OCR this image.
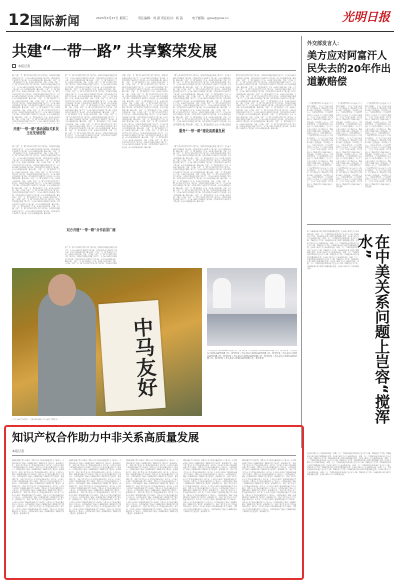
12 国际新闻	2023年4月27日 星期三	责任编辑：刘 颖 责任校对：杨 茜	电子邮箱：gjxw@gmw.cn	光明日报
共建“一带一路” 共享繁荣发展
本报记者
共建“一带一路”倡议提出十年来，从亚欧大陆到非洲、美洲、大洋洲，共建“一带一路”为世界经济增长开辟了新空间，为国际贸易和投资搭建了新平台，为完善全球经济治理拓展了新实践，为增进各国民生福祉作出了新贡献，成为共同的机遇之路、繁荣之路。 共建“一带一路”倡议提出十年来，从亚欧大陆到非洲、美洲、大洋洲，共建“一带一路”为世界经济增长开辟了新空间，为国际贸易和投资搭建了新平台，为完善全球经济治理拓展了新实践，为增进各国民生福祉作出了新贡献，成为共同的机遇之路、繁荣之路。 共建“一带一路”倡议提出十年来，从亚欧大陆到非洲、美洲、大洋洲，共建“一带一路”为世界经济增长开辟了新空间，为国际贸易和投资搭建了新平台，为完善全球经济治理拓展了新实践，为增进各国民生福祉作出了新贡献，成为共同的机遇之路、繁荣之路。 共建“一带一路”倡议提出十年来，从亚欧大陆到非洲、美洲、大洋洲，共建“一带一路”为世界经济增长开辟了新空间，为国际贸易和投资搭建了新平台，为完善全球经济治理拓展了新实践，为增进各国民生福祉作出了新贡献，成为共同的机遇之路、繁荣之路。 共建“一带一路”倡议提出十年来，从亚欧大陆到非洲、美洲、大洋洲，共建“一带一路”为世界经济增长开辟了新空间，为国际贸易和投资搭建了新平台，为完善全球经济治理拓展了新实践，为增进各国民生福祉作出了新贡献，成为共同的机遇之路、繁荣之路。 共建“一带一路”倡议提出十年来，从亚欧大陆到非洲、美洲、大洋洲，共建“一带一路”为世界经济增长开辟了新空间，为国际贸易和投资搭建了新平台，为完善全球经济治理拓展了新实
共建“一带一路”推动国际关系民主化发展进程
共建“一带一路”倡议提出十年来，从亚欧大陆到非洲、美洲、大洋洲，共建“一带一路”为世界经济增长开辟了新空间，为国际贸易和投资搭建了新平台，为完善全球经济治理拓展了新实践，为增进各国民生福祉作出了新贡献，成为共同的机遇之路、繁荣之路。 共建“一带一路”倡议提出十年来，从亚欧大陆到非洲、美洲、大洋洲，共建“一带一路”为世界经济增长开辟了新空间，为国际贸易和投资搭建了新平台，为完善全球经济治理拓展了新实践，为增进各国民生福祉作出了新贡献，成为共同的机遇之路、繁荣之路。 共建“一带一路”倡议提出十年来，从亚欧大陆到非洲、美洲、大洋洲，共建“一带一路”为世界经济增长开辟了新空间，为国际贸易和投资搭建了新平台，为完善全球经济治理拓展了新实践，为增进各国民生福祉作出了新贡献，成为共同的机遇之路、繁荣之路。 共建“一带一路”倡议提出十年来，从亚欧大陆到非洲、美洲、大洋洲，共建“一带一路”为世界经济增长开辟了新空间，为国际贸易和投资搭建了新平台，为完善全球经济治理拓展了新实践，为增进各国民生福祉作出了新贡献，成为共同的机遇之路、繁荣之路。 共建“一带一路”倡议提出十年来，从亚欧大陆到非洲、美洲、大洋洲，共建“一带一路”为世界经济增长开辟了新空间，为国际贸易和投资搭建了新平台，为完善全球经济治理拓展了新实践，为增进各国民生福祉作出了新贡献，成为共同的机遇之路、繁荣之路。 共建“一带一路”倡议提出十年来，从亚欧大陆到非洲、美洲、大洋洲，共建“一带一路”为世界经济增长开辟了新空间，为国际贸易和投资搭建了新平台，为完善全球经济治理拓展了新实践，为增进各国民生福祉作出了新贡献，成为共同的机遇之路、繁荣之路。 共建“一带一路”倡议提出十年来，从亚欧大陆到非洲、美洲、大洋洲，共建“一带一路”为世界经济增长开辟了新空间，为国际贸易和投资搭建了新平台，为完善全球经济治理拓展了新实践，为增进各国民生福祉作出了新贡献，成为共同的机遇之路、繁荣之路。 共建“一带一路”倡议提出十年来，从亚欧大陆到非洲、美洲、大洋洲，共建“一带一路”为世界经济增长开辟了新空间，为国际贸易和投资搭建了新平台，为完善全球经济治理拓展了新实践，为增进各国民生福祉作出了新贡献，成为共同的机遇之路、繁荣之路。
共建“一带一路”倡议提出十年来，从亚欧大陆到非洲、美洲、大洋洲，共建“一带一路”为世界经济增长开辟了新空间，为国际贸易和投资搭建了新平台，为完善全球经济治理拓展了新实践，为增进各国民生福祉作出了新贡献，成为共同的机遇之路、繁荣之路。 共建“一带一路”倡议提出十年来，从亚欧大陆到非洲、美洲、大洋洲，共建“一带一路”为世界经济增长开辟了新空间，为国际贸易和投资搭建了新平台，为完善全球经济治理拓展了新实践，为增进各国民生福祉作出了新贡献，成为共同的机遇之路、繁荣之路。 共建“一带一路”倡议提出十年来，从亚欧大陆到非洲、美洲、大洋洲，共建“一带一路”为世界经济增长开辟了新空间，为国际贸易和投资搭建了新平台，为完善全球经济治理拓展了新实践，为增进各国民生福祉作出了新贡献，成为共同的机遇之路、繁荣之路。 共建“一带一路”倡议提出十年来，从亚欧大陆到非洲、美洲、大洋洲，共建“一带一路”为世界经济增长开辟了新空间，为国际贸易和投资搭建了新平台，为完善全球经济治理拓展了新实践，为增进各国民生福祉作出了新贡献，成为共同的机遇之路、繁荣之路。 共建“一带一路”倡议提出十年来，从亚欧大陆到非洲、美洲、大洋洲，共建“一带一路”为世界经济增长开辟了新空间，为国际贸易和投资搭建了新平台，为完善全球经济治理拓展了新实践，为增进各国民生福祉作出了新贡献，成为共同的机遇之路、繁荣之路。 共建“一带一路”倡议提出十年来，从亚欧大陆到非洲、美洲、大洋洲，共建“一带一路”为世界经济增长开辟了新空间，为国际贸易和投资搭建了新平台，为完善全球经济治理拓展了新实践，为增进各国民生福祉作出了新贡献，成为共同的机遇之路、繁荣之路。 共建“一带一路”倡议提出十年来，从亚欧大陆到非洲、美洲、大洋洲，共建“一带一路”为世界经济增长开辟了新空间，为国际贸易和投资搭建了新平台，为完善全球经济治理拓展了新实践，为增进各国民生福祉作出了新贡献，成为共同的机遇之路、繁荣之路。 共建“一带一路”倡议提出十年来，从亚欧大陆到非洲、美洲、大洋洲，共建“一带一路”为世界经济增长开辟了新空间，为国际贸易和投资搭建了新平台，为完善全球经济治理拓展了新实践，为增进各国民生福祉作出了新贡献，成为共同的机遇之路、繁荣之路。
双方共建“一带一路”合作前景广阔
共建“一带一路”倡议提出十年来，从亚欧大陆到非洲、美洲、大洋洲，共建“一带一路”为世界经济增长开辟了新空间，为国际贸易和投资搭建了新平台，为完善全球经济治理拓展了新实践，为增进各国民生福祉作出了新贡献，成为共同的机遇之路、繁荣之路。 共建“一带一路”倡议提出十年来，从亚欧大陆到非洲、美洲、大洋洲，共建“一带一路”为世界经济增长开辟了新空间，为国际贸易和投资搭建了新平台，为完善全球经济治理拓展了新实践，为增进各国民生福祉作出了新贡献，成为共同的机遇之路、繁荣之路。 共建“一带一路”倡议提出十年来，从亚欧大陆到非洲、美洲、
共建“一带一路”倡议提出十年来，从亚欧大陆到非洲、美洲、大洋洲，共建“一带一路”为世界经济增长开辟了新空间，为国际贸易和投资搭建了新平台，为完善全球经济治理拓展了新实践，为增进各国民生福祉作出了新贡献，成为共同的机遇之路、繁荣之路。 共建“一带一路”倡议提出十年来，从亚欧大陆到非洲、美洲、大洋洲，共建“一带一路”为世界经济增长开辟了新空间，为国际贸易和投资搭建了新平台，为完善全球经济治理拓展了新实践，为增进各国民生福祉作出了新贡献，成为共同的机遇之路、繁荣之路。 共建“一带一路”倡议提出十年来，从亚欧大陆到非洲、美洲、大洋洲，共建“一带一路”为世界经济增长开辟了新空间，为国际贸易和投资搭建了新平台，为完善全球经济治理拓展了新实践，为增进各国民生福祉作出了新贡献，成为共同的机遇之路、繁荣之路。 共建“一带一路”倡议提出十年来，从亚欧大陆到非洲、美洲、大洋洲，共建“一带一路”为世界经济增长开辟了新空间，为国际贸易和投资搭建了新平台，为完善全球经济治理拓展了新实践，为增进各国民生福祉作出了新贡献，成为共同的机遇之路、繁荣之路。 共建“一带一路”倡议提出十年来，从亚欧大陆到非洲、美洲、大洋洲，共建“一带一路”为世界经济增长开辟了新空间，为国际贸易和投资搭建了新平台，为完善全球经济治理拓展了新实践，为增进各国民生福祉作出了新贡献，成为共同的机遇之路、繁荣之路。 共建“一带一路”倡议提出十年来，从亚欧大陆到非洲、美洲、大洋洲，共建“一带一路”为世界经济增长开辟了新空间，为国际贸易和投资搭建了新平台，为完善全球经济治理拓展了新实践，为增进各国民生福祉作出了新贡献，成为共同的机遇之路、繁荣之路。 共建“一带一路”倡议提出十年来，从亚欧大陆到非洲、美洲、大洋洲，共建“一带一路”为世界经济增长开辟了新空间，为国际贸易和投资搭建了新平台，为完善全球经济治理拓展了新实践，为增进各国民生福祉作出了新贡献，成为共同的机遇之路、繁荣之路。 共建“一带一路”倡议提出十年来，从亚欧大陆到非洲、美洲、大洋洲，共建“一带一路”为世界经济增长开辟了新空间，为国际贸易和投资搭建了新平台，为完善全球经济治理拓展了新实践，为增进各国民生福祉作出了新贡献，成为共同的机遇之路、繁荣之路。
共建“一带一路”倡议提出十年来，从亚欧大陆到非洲、美洲、大洋洲，共建“一带一路”为世界经济增长开辟了新空间，为国际贸易和投资搭建了新平台，为完善全球经济治理拓展了新实践，为增进各国民生福祉作出了新贡献，成为共同的机遇之路、繁荣之路。 共建“一带一路”倡议提出十年来，从亚欧大陆到非洲、美洲、大洋洲，共建“一带一路”为世界经济增长开辟了新空间，为国际贸易和投资搭建了新平台，为完善全球经济治理拓展了新实践，为增进各国民生福祉作出了新贡献，成为共同的机遇之路、繁荣之路。 共建“一带一路”倡议提出十年来，从亚欧大陆到非洲、美洲、大洋洲，共建“一带一路”为世界经济增长开辟了新空间，为国际贸易和投资搭建了新平台，为完善全球经济治理拓展了新实践，为增进各国民生福祉作出了新贡献，成为共同的机遇之路、繁荣之路。 共建“一带一路”倡议提出十年来，从亚欧大陆到非洲、美洲、大洋洲，共建“一带一路”为世界经济增长开辟了新空间，为国际贸易和投资搭建了新平台，为完善全球经济治理拓展了新实践，为增进各国民生福祉作出了新贡献，成为共同的机遇之路、繁荣之路。 共建“一带一路”倡议提出十年来，从亚欧大陆到非洲、美洲、大洋洲，共建“一带一路”为世界经济增长开辟了新空间，为国际贸易和投资搭建了新平台，为完善全球经济治理拓展了新实践，为增进各国民生福祉作出了新贡献，成为共同的机遇之路、繁荣之路。 共建“一带一路”倡议提出十年来，从亚欧大陆到非洲、美洲、大洋洲，共建“一带一路”为世界经济增长开辟了新空间，为国际贸易和投资搭建了新平台，为完善全球经济治理拓展了新实践，为增进各国民生福祉作出了新贡献，成为共同的机遇之路、繁荣之路。 共建“一带一路”倡议提出十年来，从亚欧大陆到非洲、美洲、大洋洲，共建“一带一路”为世界经济增长开辟了新空间，为国际贸易和投资搭建了新平台，为完善全球经济治理拓展了新实践，为增进各国民生福祉作出了新贡献，成为共同的机遇之路、繁荣之路。 共建“一带一路”倡议提出十年来，从亚欧大陆到非
服务“一带一路”建设高质量发展
共建“一带一路”倡议提出十年来，从亚欧大陆到非洲、美洲、大洋洲，共建“一带一路”为世界经济增长开辟了新空间，为国际贸易和投资搭建了新平台，为完善全球经济治理拓展了新实践，为增进各国民生福祉作出了新贡献，成为共同的机遇之路、繁荣之路。 共建“一带一路”倡议提出十年来，从亚欧大陆到非洲、美洲、大洋洲，共建“一带一路”为世界经济增长开辟了新空间，为国际贸易和投资搭建了新平台，为完善全球经济治理拓展了新实践，为增进各国民生福祉作出了新贡献，成为共同的机遇之路、繁荣之路。 共建“一带一路”倡议提出十年来，从亚欧大陆到非洲、美洲、大洋洲，共建“一带一路”为世界经济增长开辟了新空间，为国际贸易和投资搭建了新平台，为完善全球经济治理拓展了新实践，为增进各国民生福祉作出了新贡献，成为共同的机遇之路、繁荣之路。 共建“一带一路”倡议提出十年来，从亚欧大陆到非洲、美洲、大洋洲，共建“一带一路”为世界经济增长开辟了新空间，为国际贸易和投资搭建了新平台，为完善全球经济治理拓展了新实践，为增进各国民生福祉作出了新贡献，成为共同的机遇之路、繁荣之路。 共建“一带一路”倡议提出十年来，从亚欧大陆到非洲、美洲、大洋洲，共建“一带一路”为世界经济增长开辟了新空间，为国际贸易和投资搭建了新平台，为完善全球经济治理拓展了新实践，为增进各国民生福祉作出了新贡献，成为共同的机遇之路、繁荣之路。 共建“一带一路”倡议提出十年来，从亚欧大陆到非洲、美洲、大洋洲，共建“一带一路”为世界经济增长开辟了新空间，为国际贸易和投资搭建了新平台，为完善全球经济治理拓展了新实践，为增进各国民生福祉作出了新贡献，成为共同的机遇之路、繁荣之路。 共建“一带一路”倡议提出十年来，从亚欧大陆到非洲、美洲、大洋洲，共建“一带一路”为世界经济增长开辟了新空间，为国际贸易和投资搭建了新平台，为完善全球经济治理拓展了新实践，为增进各国民生福祉作出了新贡献，成为共同的机遇之路、繁荣之路。 共建“一带一路”倡议提出十年来，从亚欧大陆到非洲、美洲、大洋洲，共建“一带一路”为世界经济增长开辟了新空间，为国际贸易和投资搭建了新平台，为完善全球经济治理拓展了新实践，为增进各国民生福祉作出了新贡献，成为共同的机遇之路、繁荣之路。
共建“一带一路”倡议提出十年来，从亚欧大陆到非洲、美洲、大洋洲，共建“一带一路”为世界经济增长开辟了新空间，为国际贸易和投资搭建了新平台，为完善全球经济治理拓展了新实践，为增进各国民生福祉作出了新贡献，成为共同的机遇之路、繁荣之路。 共建“一带一路”倡议提出十年来，从亚欧大陆到非洲、美洲、大洋洲，共建“一带一路”为世界经济增长开辟了新空间，为国际贸易和投资搭建了新平台，为完善全球经济治理拓展了新实践，为增进各国民生福祉作出了新贡献，成为共同的机遇之路、繁荣之路。 共建“一带一路”倡议提出十年来，从亚欧大陆到非洲、美洲、大洋洲，共建“一带一路”为世界经济增长开辟了新空间，为国际贸易和投资搭建了新平台，为完善全球经济治理拓展了新实践，为增进各国民生福祉作出了新贡献，成为共同的机遇之路、繁荣之路。 共建“一带一路”倡议提出十年来，从亚欧大陆到非洲、美洲、大洋洲，共建“一带一路”为世界经济增长开辟了新空间，为国际贸易和投资搭建了新平台，为完善全球经济治理拓展了新实践，为增进各国民生福祉作出了新贡献，成为共同的机遇之路、繁荣之路。 共建“一带一路”倡议提出十年来，从亚欧大陆到非洲、美洲、大洋洲，共建“一带一路”为世界经济增长开辟了新空间，为国际贸易和投资搭建了新平台，为完善全球经济治理拓展了新实践，为增进各国民生福祉作出了新贡献，成为共同的机遇之路、繁荣之路。 共建“一带一路”倡议提出十年来，从亚欧大陆到非洲、美洲、大洋洲，共建“一带一路”为世界经济增长开辟了新空间，为国际贸易和投资搭建了新平台，为完善全球经济治理拓展了新实践，为增进各国民生福祉作出了新贡献，成为共同的机遇之路、繁荣之路。 共建“一带一路”倡议提出十年来，从亚欧大陆到非洲、美洲、大洋洲，共建“一带一路”为世界经济增长开辟了新空间，为国际贸易和投资搭建了新平台，为完善全球经济治理拓展了新实践，为增进各国民生福祉作出了新贡献，成为共同的机遇之路、繁荣之路。 共建“一带一路”倡议提出十年来，从亚欧大陆到非洲、美洲、大洋洲，共建“一带一路”为世界经济增长开辟了新空间，为国际贸易和投资搭建了新平台，为完善全球经济治理拓展了新实践，为增进各国民生福祉作出了新贡献，成为共同的机遇之路、繁荣之路。
外交部发言人：
美方应对阿富汗人民失去的20年作出道歉赔偿
外交部发言人表示，美国在阿富汗的二十年战争给阿富汗人民造成了巨大的伤害和损失，美方应当正视自身责任，切实采取行动，帮助阿富汗实现和平稳定与发展重建。 外交部发言人表示，美国在阿富汗的二十年战争给阿富汗人民造成了巨大的伤害和损失，美方应当正视自身责任，切实采取行动，帮助阿富汗实现和平稳定与发展重建。 外交部发言人表示，美国在阿富汗的二十年战争给阿富汗人民造成了巨大的伤害和损失，美方应当正视自身责任，切实采取行动，帮助阿富汗实现和平稳定与发展重建。 外交部发言人表示，美国在阿富汗的二十年战争给阿富汗人民造成了巨大的伤害和损失，美方应当正视自身责任，切实采取行动，帮助阿富汗实现和平稳定与发展重建。 外交部发言人表示，美国在阿富汗的二十年战争给阿富汗人民造成了巨大的伤害和损失，美方应当正视自身责任，切实采取行动，帮助阿富汗实现和平稳定与发展重建。 外交部发言人表示，美国在阿富汗的二十年战争给阿富汗人民造成了巨大的伤害和损失，美方应当正视自身责任，切实采取行动，帮助阿富汗实现和平稳定与发展重建。 外交部发言人表示，美国在阿富汗的二十年战争给阿富汗人民造成了巨大的伤害和损失，美方应当正视自身责任，切实采取行动，帮助阿富汗实现和平稳定与发展重建。 外交部发言人表示，美国在阿富汗的二十年战争给阿富汗人民造成了巨大的伤害和损失，美方应当正视自身责任，切实采取行动，帮助阿富汗实现和平稳定与发展重建。
外交部发言人表示，美国在阿富汗的二十年战争给阿富汗人民造成了巨大的伤害和损失，美方应当正视自身责任，切实采取行动，帮助阿富汗实现和平稳定与发展重建。 外交部发言人表示，美国在阿富汗的二十年战争给阿富汗人民造成了巨大的伤害和损失，美方应当正视自身责任，切实采取行动，帮助阿富汗实现和平稳定与发展重建。 外交部发言人表示，美国在阿富汗的二十年战争给阿富汗人民造成了巨大的伤害和损失，美方应当正视自身责任，切实采取行动，帮助阿富汗实现和平稳定与发展重建。 外交部发言人表示，美国在阿富汗的二十年战争给阿富汗人民造成了巨大的伤害和损失，美方应当正视自身责任，切实采取行动，帮助阿富汗实现和平稳定与发展重建。 外交部发言人表示，美国在阿富汗的二十年战争给阿富汗人民造成了巨大的伤害和损失，美方应当正视自身责任，切实采取行动，帮助阿富汗实现和平稳定与发展重建。 外交部发言人表示，美国在阿富汗的二十年战争给阿富汗人民造成了巨大的伤害和损失，美方应当正视自身责任，切实采取行动，帮助阿富汗实现和平稳定与发展重建。 外交部发言人表示，美国在阿富汗的二十年战争给阿富汗人民造成了巨大的伤害和损失，美方应当正视自身责任，切实采取行动，帮助阿富汗实现和平稳定与发展重建。 外交部发言人表示，美国在阿富汗的二十年战争给阿富汗人民造成了巨大的伤害和损失，美方应当正视自身责任，切实采取行动，帮助阿富汗实现和平稳定与发展重建。
外交部发言人表示，美国在阿富汗的二十年战争给阿富汗人民造成了巨大的伤害和损失，美方应当正视自身责任，切实采取行动，帮助阿富汗实现和平稳定与发展重建。 外交部发言人表示，美国在阿富汗的二十年战争给阿富汗人民造成了巨大的伤害和损失，美方应当正视自身责任，切实采取行动，帮助阿富汗实现和平稳定与发展重建。 外交部发言人表示，美国在阿富汗的二十年战争给阿富汗人民造成了巨大的伤害和损失，美方应当正视自身责任，切实采取行动，帮助阿富汗实现和平稳定与发展重建。 外交部发言人表示，美国在阿富汗的二十年战争给阿富汗人民造成了巨大的伤害和损失，美方应当正视自身责任，切实采取行动，帮助阿富汗实现和平稳定与发展重建。 外交部发言人表示，美国在阿富汗的二十年战争给阿富汗人民造成了巨大的伤害和损失，美方应当正视自身责任，切实采取行动，帮助阿富汗实现和平稳定与发展重建。 外交部发言人表示，美国在阿富汗的二十年战争给阿富汗人民造成了巨大的伤害和损失，美方应当正视自身责任，切实采取行动，帮助阿富汗实现和平稳定与发展重建。 外交部发言人表示，美国在阿富汗的二十年战争给阿富汗人民造成了巨大的伤害和损失，美方应当正视自身责任，切实采取行动，帮助阿富汗实现和平稳定与发展重建。 外交部发言人表示，美国在阿富汗的二十年战争给阿富汗人民造成了巨大的伤害和损失，美方应当正视自身责任，切实采取行动，帮助阿富汗实现和平稳定与发展重建。
近期，美方一些政客频频在涉华问题上发表不实言论，企图搅乱中美关系，这种做法既不利于两国关系健康稳定发展，也无助于解决美方自身面临的问题。 近期，美方一些政客频频在涉华问题上发表不实言论，企图搅乱中美关系，这种做法既不利于两国关系健康稳定发展，也无助于解决美方自身面临的问题。 近期，美方一些政客频频在涉华问题上发表不实言论，企图搅乱中美关系，这种做法既不利于两国关系健康稳定发展，也无助于解决美方自身面临的问题。 近期，美方一些政客频频在涉华问题上发表不实言论，企图搅乱中美关系，这种做法既不利于两国关系健康稳定发展，也无助于解决美方自身面临的问题。 近期，美方一些政客频频在涉华问题上发表不实言论，企图搅乱中美关系，这种做法既不利于两国关系健康稳定发展，也无助于解决美方自身面临的问题。 近期，美方一些政客频频在涉华问题上发表不实言论，企图搅乱中美关系，这种做法既不利于两国关系健康稳定发展，也无助于解决美方自身面临的问题。 近期，美方一些政客频频在涉华问题上发表不实言论，企图搅乱中美关系，这种做法既不利于两国关系健康稳定发展，也无助于解决美方自身面临的问题。 近期，美方一些政客频频在涉华问题上发表不实言论，企图搅乱中美关系，这种做法既不利于两国关系健康稳定发展，也无助于解决美方自身面临的问题。	在中美关系问题上岂容“搅浑水”
中马友好
马来西亚民众展示“中马友好”书法作品。 马来西亚民众展示“中马友好”书法作品。 马来西亚民众展示“中马友好”书法作品。 马来西亚民众展示“中马友好”书法作品。 马来西亚民众展示“中马友好”书法作品。 马来西亚民众展示“中马友好”书法作品。 马来西亚民众展示“中马友好”书法作品。 马来西亚民众展示“中马友好”书法作品。
工作人员在实验室内进行检测工作。新华社发 工作人员在实验室内进行检测工作。新华社发 工作人员在实验室内进行检测工作。新华社发 工作人员在实验室内进行检测工作。新华社发 工作人员在实验室内进行检测工作。新华社发 工作人员在实验室内进行检测工作。新华社发 工作人员在实验室内进行检测工作。新华社发 工作人员在实验室内进行检测工作。新华社发
知识产权合作助力中非关系高质量发展
本报记者
知识产权合作是中非合作的重要组成部分。近年来，中非双方在知识产权领域的交流合作日益密切，为推动中非关系高质量发展注入了新动力。中国国家知识产权局与非洲地区知识产权组织开展了多层次、多领域的合作。 知识产权合作是中非合作的重要组成部分。近年来，中非双方在知识产权领域的交流合作日益密切，为推动中非关系高质量发展注入了新动力。中国国家知识产权局与非洲地区知识产权组织开展了多层次、多领域的合作。 知识产权合作是中非合作的重要组成部分。近年来，中非双方在知识产权领域的交流合作日益密切，为推动中非关系高质量发展注入了新动力。中国国家知识产权局与非洲地区知识产权组织开展了多层次、多领域的合作。 知识产权合作是中非合作的重要组成部分。近年来，中非双方在知识产权领域的交流合作日益密切，为推动中非关系高质量发展注入了新动力。中国国家知识产权局与非洲地区知识产权组织开展了多层次、多领域的合作。 知识产权合作是中非合作的重要组成部分。近年来，中非双方在知识产权领域的交流合作日益密切，为推动中非关系高质量发展注入了新动力。中国国家知识产权局与非洲地区知识产权组织开展了多层次、多领域的合作。 知识产权合作是中非合作的重要组成部分。近年来，中非双方在知识产权领域的交流合作日益密切，为推动中非关系高质量发展注入了新动力。中国国家知识产权局与非洲地区知识产权组织开展了多层次、多领域的合作。 知识产权合作是中非合作的重要组成部分。近年来，中非双方在知识产权领域的交流合作日益密切，为推动中非关系高质量发展注入了新动力。中国国家知识产权局与非洲地区知识产权组织开展了多层次、多领域的合作。 知识产权合作是中非合作的重要组成部分。近年来，中非双方在知识产权领域的交流合作日益密切，为推动中非关系高质量发展注入了新动力。中国国家知识产权局与非洲地区知识产权组织开展了多层次、多领域的合作。
知识产权合作是中非合作的重要组成部分。近年来，中非双方在知识产权领域的交流合作日益密切，为推动中非关系高质量发展注入了新动力。中国国家知识产权局与非洲地区知识产权组织开展了多层次、多领域的合作。 知识产权合作是中非合作的重要组成部分。近年来，中非双方在知识产权领域的交流合作日益密切，为推动中非关系高质量发展注入了新动力。中国国家知识产权局与非洲地区知识产权组织开展了多层次、多领域的合作。 知识产权合作是中非合作的重要组成部分。近年来，中非双方在知识产权领域的交流合作日益密切，为推动中非关系高质量发展注入了新动力。中国国家知识产权局与非洲地区知识产权组织开展了多层次、多领域的合作。 知识产权合作是中非合作的重要组成部分。近年来，中非双方在知识产权领域的交流合作日益密切，为推动中非关系高质量发展注入了新动力。中国国家知识产权局与非洲地区知识产权组织开展了多层次、多领域的合作。 知识产权合作是中非合作的重要组成部分。近年来，中非双方在知识产权领域的交流合作日益密切，为推动中非关系高质量发展注入了新动力。中国国家知识产权局与非洲地区知识产权组织开展了多层次、多领域的合作。 知识产权合作是中非合作的重要组成部分。近年来，中非双方在知识产权领域的交流合作日益密切，为推动中非关系高质量发展注入了新动力。中国国家知识产权局与非洲地区知识产权组织开展了多层次、多领域的合作。 知识产权合作是中非合作的重要组成部分。近年来，中非双方在知识产权领域的交流合作日益密切，为推动中非关系高质量发展注入了新动力。中国国家知识产权局与非洲地区知识产权组织开展了多层次、多领域的合作。 知识产权合作是中非合作的重要组成部分。近年来，中非双方在知识产权领域的交流合作日益密切，为推动中非关系高质量发展注入了新动力。中国国家知识产权局与非洲地区知识产权组织开展了多层次、多领域的合作。
知识产权合作是中非合作的重要组成部分。近年来，中非双方在知识产权领域的交流合作日益密切，为推动中非关系高质量发展注入了新动力。中国国家知识产权局与非洲地区知识产权组织开展了多层次、多领域的合作。 知识产权合作是中非合作的重要组成部分。近年来，中非双方在知识产权领域的交流合作日益密切，为推动中非关系高质量发展注入了新动力。中国国家知识产权局与非洲地区知识产权组织开展了多层次、多领域的合作。 知识产权合作是中非合作的重要组成部分。近年来，中非双方在知识产权领域的交流合作日益密切，为推动中非关系高质量发展注入了新动力。中国国家知识产权局与非洲地区知识产权组织开展了多层次、多领域的合作。 知识产权合作是中非合作的重要组成部分。近年来，中非双方在知识产权领域的交流合作日益密切，为推动中非关系高质量发展注入了新动力。中国国家知识产权局与非洲地区知识产权组织开展了多层次、多领域的合作。 知识产权合作是中非合作的重要组成部分。近年来，中非双方在知识产权领域的交流合作日益密切，为推动中非关系高质量发展注入了新动力。中国国家知识产权局与非洲地区知识产权组织开展了多层次、多领域的合作。 知识产权合作是中非合作的重要组成部分。近年来，中非双方在知识产权领域的交流合作日益密切，为推动中非关系高质量发展注入了新动力。中国国家知识产权局与非洲地区知识产权组织开展了多层次、多领域的合作。 知识产权合作是中非合作的重要组成部分。近年来，中非双方在知识产权领域的交流合作日益密切，为推动中非关系高质量发展注入了新动力。中国国家知识产权局与非洲地区知识产权组织开展了多层次、多领域的合作。 知识产权合作是中非合作的重要组成部分。近年来，中非双方在知识产权领域的交流合作日益密切，为推动中非关系高质量发展注入了新动力。中国国家知识产权局与非洲地区知识产权组织开展了多层次、多领域的合作。
知识产权合作是中非合作的重要组成部分。近年来，中非双方在知识产权领域的交流合作日益密切，为推动中非关系高质量发展注入了新动力。中国国家知识产权局与非洲地区知识产权组织开展了多层次、多领域的合作。 知识产权合作是中非合作的重要组成部分。近年来，中非双方在知识产权领域的交流合作日益密切，为推动中非关系高质量发展注入了新动力。中国国家知识产权局与非洲地区知识产权组织开展了多层次、多领域的合作。 知识产权合作是中非合作的重要组成部分。近年来，中非双方在知识产权领域的交流合作日益密切，为推动中非关系高质量发展注入了新动力。中国国家知识产权局与非洲地区知识产权组织开展了多层次、多领域的合作。 知识产权合作是中非合作的重要组成部分。近年来，中非双方在知识产权领域的交流合作日益密切，为推动中非关系高质量发展注入了新动力。中国国家知识产权局与非洲地区知识产权组织开展了多层次、多领域的合作。 知识产权合作是中非合作的重要组成部分。近年来，中非双方在知识产权领域的交流合作日益密切，为推动中非关系高质量发展注入了新动力。中国国家知识产权局与非洲地区知识产权组织开展了多层次、多领域的合作。 知识产权合作是中非合作的重要组成部分。近年来，中非双方在知识产权领域的交流合作日益密切，为推动中非关系高质量发展注入了新动力。中国国家知识产权局与非洲地区知识产权组织开展了多层次、多领域的合作。 知识产权合作是中非合作的重要组成部分。近年来，中非双方在知识产权领域的交流合作日益密切，为推动中非关系高质量发展注入了新动力。中国国家知识产权局与非洲地区知识产权组织开展了多层次、多领域的合作。 知识产权合作是中非合作的重要组成部分。近年来，中非双方在知识产权领域的交流合作日益密切，为推动中非关系高质量发展注入了新动力。中国国家知识产权局与非洲地区知识产权组织开展了多层次、多领域的合作。
知识产权合作是中非合作的重要组成部分。近年来，中非双方在知识产权领域的交流合作日益密切，为推动中非关系高质量发展注入了新动力。中国国家知识产权局与非洲地区知识产权组织开展了多层次、多领域的合作。 知识产权合作是中非合作的重要组成部分。近年来，中非双方在知识产权领域的交流合作日益密切，为推动中非关系高质量发展注入了新动力。中国国家知识产权局与非洲地区知识产权组织开展了多层次、多领域的合作。 知识产权合作是中非合作的重要组成部分。近年来，中非双方在知识产权领域的交流合作日益密切，为推动中非关系高质量发展注入了新动力。中国国家知识产权局与非洲地区知识产权组织开展了多层次、多领域的合作。 知识产权合作是中非合作的重要组成部分。近年来，中非双方在知识产权领域的交流合作日益密切，为推动中非关系高质量发展注入了新动力。中国国家知识产权局与非洲地区知识产权组织开展了多层次、多领域的合作。 知识产权合作是中非合作的重要组成部分。近年来，中非双方在知识产权领域的交流合作日益密切，为推动中非关系高质量发展注入了新动力。中国国家知识产权局与非洲地区知识产权组织开展了多层次、多领域的合作。 知识产权合作是中非合作的重要组成部分。近年来，中非双方在知识产权领域的交流合作日益密切，为推动中非关系高质量发展注入了新动力。中国国家知识产权局与非洲地区知识产权组织开展了多层次、多领域的合作。 知识产权合作是中非合作的重要组成部分。近年来，中非双方在知识产权领域的交流合作日益密切，为推动中非关系高质量发展注入了新动力。中国国家知识产权局与非洲地区知识产权组织开展了多层次、多领域的合作。 知识产权合作是中非合作的重要组成部分。近年来，中非双方在知识产权领域的交流合作日益密切，为推动中非关系高质量发展注入了新动力。中国国家知识产权局与非洲地区知识产权组织开展了多层次、多领域的合作。
近期，美方一些政客频频在涉华问题上发表不实言论，企图搅乱中美关系，这种做法既不利于两国关系健康稳定发展，也无助于解决美方自身面临的问题。 近期，美方一些政客频频在涉华问题上发表不实言论，企图搅乱中美关系，这种做法既不利于两国关系健康稳定发展，也无助于解决美方自身面临的问题。 近期，美方一些政客频频在涉华问题上发表不实言论，企图搅乱中美关系，这种做法既不利于两国关系健康稳定发展，也无助于解决美方自身面临的问题。 近期，美方一些政客频频在涉华问题上发表不实言论，企图搅乱中美关系，这种做法既不利于两国关系健康稳定发展，也无助于解决美方自身面临的问题。 近期，美方一些政客频频在涉华问题上发表不实言论，企图搅乱中美关系，这种做法既不利于两国关系健康稳定发展，也无助于解决美方自身面临的问题。 近期，美方一些政客频频在涉华问题上发表不实言论，企图搅乱中美关系，这种做法既不利于两国关系健康稳定发展，也无助于解决美方自身面临的问题。 近期，美方一些政客频频在涉华问题上发表不实言论，企图搅乱中美关系，这种做法既不利于两国关系健康稳定发展，也无助于解决美方自身面临的问题。 近期，美方一些政客频频在涉华问题上发表不实言论，企图搅乱中美关系，这种做法既不利于两国关系健康稳定发展，也无助于解决美方自身面临的问题。
